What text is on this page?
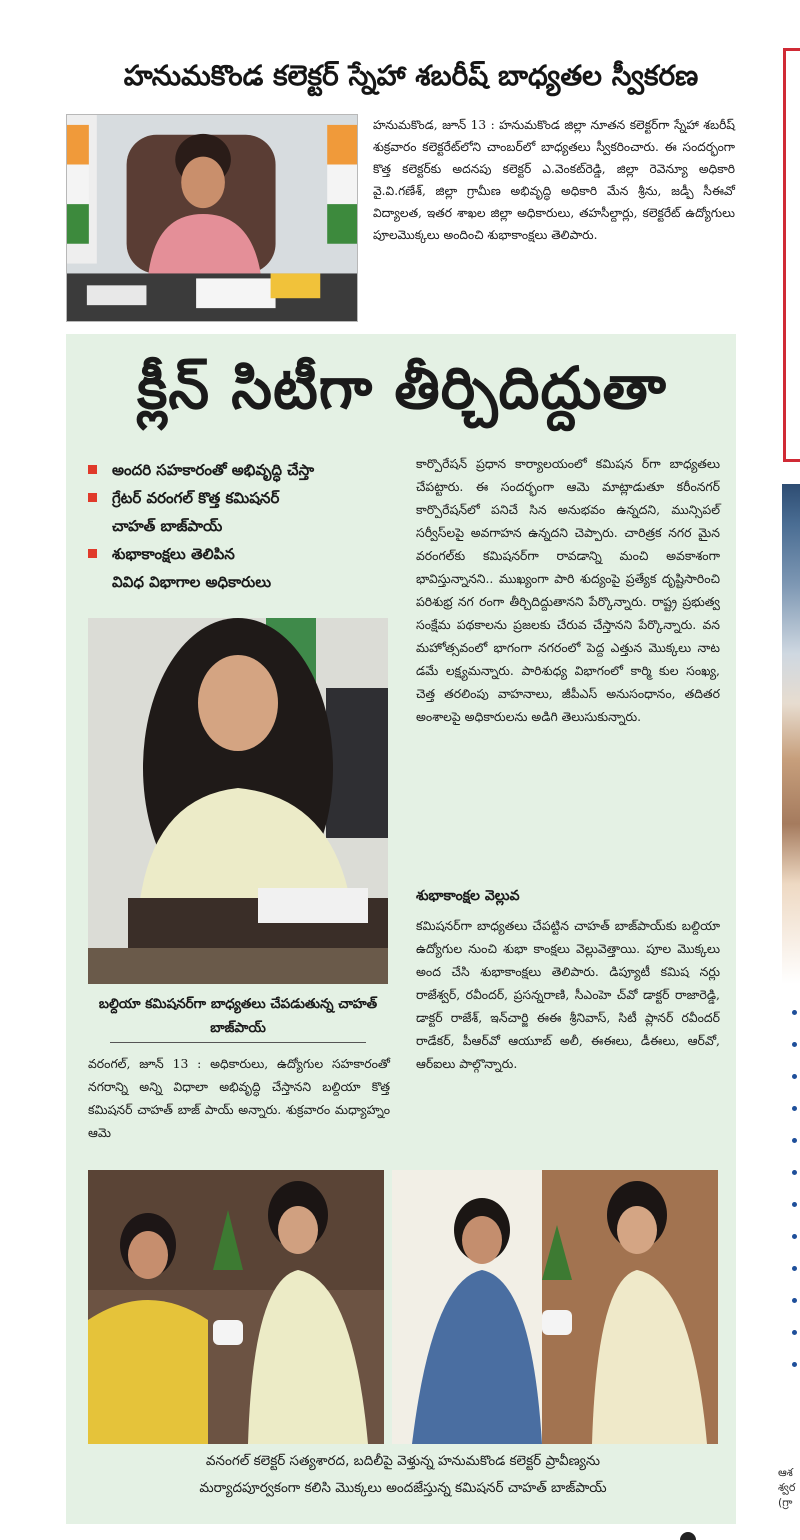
హనుమకొండ కలెక్టర్ స్నేహా శబరీష్ బాధ్యతల స్వీకరణ
హనుమకొండ, జూన్ 13 : హనుమకొండ జిల్లా నూతన కలెక్టర్‌గా స్నేహా శబరీష్ శుక్రవారం కలెక్టరేట్‌లోని చాంబర్‌లో బాధ్యతలు స్వీకరించారు. ఈ సందర్భంగా కొత్త కలెక్టర్‌కు అదనపు కలెక్టర్ ఎ.వెంకట్‌రెడ్డి, జిల్లా రెవెన్యూ అధికారి వై.వి.గణేశ్, జిల్లా గ్రామీణ అభివృద్ధి అధికారి మేన శ్రీను, జడ్పీ సీఈవో విద్యాలత, ఇతర శాఖల జిల్లా అధికారులు, తహసీల్దార్లు, కలెక్టరేట్ ఉద్యోగులు పూలమొక్కలు అందించి శుభాకాంక్షలు తెలిపారు.
ఆశ
శ్వర
(గ్రా
క్లీన్ సిటీగా తీర్చిదిద్దుతా
అందరి సహకారంతో అభివృద్ధి చేస్తా
గ్రేటర్ వరంగల్ కొత్త కమిషనర్
చాహత్ బాజ్‌పాయ్
శుభాకాంక్షలు తెలిపిన
వివిధ విభాగాల అధికారులు
బల్దియా కమిషనర్‌గా బాధ్యతలు చేపడుతున్న చాహత్ బాజ్‌పాయ్
వరంగల్, జూన్ 13 : అధికారులు, ఉద్యోగుల సహకారంతో నగరాన్ని అన్ని విధాలా అభివృద్ధి చేస్తానని బల్దియా కొత్త కమిషనర్ చాహత్ బాజ్ పాయ్ అన్నారు. శుక్రవారం మధ్యాహ్నం ఆమె
కార్పొరేషన్ ప్రధాన కార్యాలయంలో కమిషన ర్‌గా బాధ్యతలు చేపట్టారు. ఈ సందర్భంగా ఆమె మాట్లాడుతూ కరీంనగర్ కార్పొరేషన్‌లో పనిచే సిన అనుభవం ఉన్నదని, మున్సిపల్ సర్వీస్‌లపై అవగాహన ఉన్నదని చెప్పారు. చారిత్రక నగర మైన వరంగల్‌కు కమిషనర్‌గా రావడాన్ని మంచి అవకాశంగా భావిస్తున్నానని.. ముఖ్యంగా పారి శుద్యంపై ప్రత్యేక దృష్టిసారించి పరిశుభ్ర నగ రంగా తీర్చిదిద్దుతానని పేర్కొన్నారు. రాష్ట్ర ప్రభుత్వ సంక్షేమ పథకాలను ప్రజలకు చేరువ చేస్తానని పేర్కొన్నారు. వన మహోత్సవంలో భాగంగా నగరంలో పెద్ద ఎత్తున మొక్కలు నాట డమే లక్ష్యమన్నారు. పారిశుధ్య విభాగంలో కార్మి కుల సంఖ్య, చెత్త తరలింపు వాహనాలు, జీపీఎస్ అనుసంధానం, తదితర అంశాలపై అధికారులను అడిగి తెలుసుకున్నారు.
శుభాకాంక్షల వెల్లువ
కమిషనర్‌గా బాధ్యతలు చేపట్టిన చాహత్ బాజ్‌పాయ్‌కు బల్దియా ఉద్యోగుల నుంచి శుభా కాంక్షలు వెల్లువెత్తాయి. పూల మొక్కలు అంద చేసి శుభాకాంక్షలు తెలిపారు. డిప్యూటీ కమిష నర్లు రాజేశ్వర్, రవీందర్, ప్రసన్నరాణి, సీఎంహె చ్‌వో డాక్టర్ రాజారెడ్డి, డాక్టర్ రాజేశ్, ఇన్‌చార్జి ఈఈ శ్రీనివాస్, సిటీ ప్లానర్ రవీందర్ రాడేకర్, పీఆర్‌వో ఆయూబ్ అలీ, ఈఈలు, డీఈలు, ఆర్‌వో, ఆర్ఐలు పాల్గొన్నారు.
వనంగల్ కలెక్టర్ సత్యశారద, బదిలీపై వెళ్తున్న హనుమకొండ కలెక్టర్ ప్రావీణ్యను
మర్యాదపూర్వకంగా కలిసి మొక్కలు అందజేస్తున్న కమిషనర్ చాహత్ బాజ్‌పాయ్
